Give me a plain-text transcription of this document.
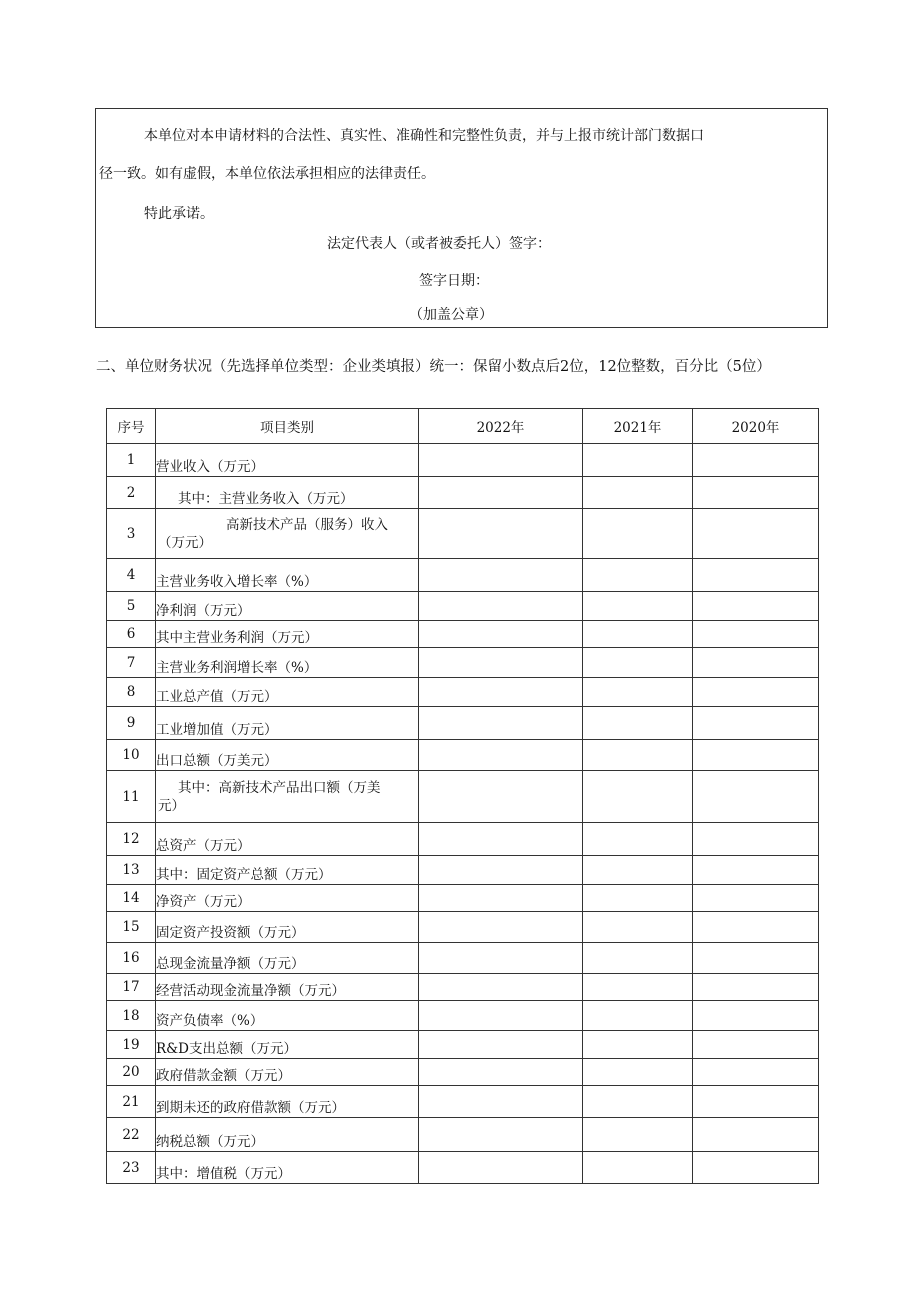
本单位对本申请材料的合法性、真实性、准确性和完整性负责，并与上报市统计部门数据口
径一致。如有虚假，本单位依法承担相应的法律责任。
特此承诺。
法定代表人（或者被委托人）签字：
签字日期：
（加盖公章）
二、单位财务状况（先选择单位类型：企业类填报）统一：保留小数点后2位，12位整数，百分比（5位）
序号	项目类别	2022年	2021年	2020年
1	营业收入（万元）			
2	其中：主营业务收入（万元）			
3	高新技术产品（服务）收入
（万元）			
4	主营业务收入增长率（%）			
5	净利润（万元）			
6	其中主营业务利润（万元）			
7	主营业务利润增长率（%）			
8	工业总产值（万元）			
9	工业增加值（万元）			
10	出口总额（万美元）			
11	其中：高新技术产品出口额（万美
元）			

12	总资产（万元）			
13	其中：固定资产总额（万元）			
14	净资产（万元）			
15	固定资产投资额（万元）			
16	总现金流量净额（万元）			
17	经营活动现金流量净额（万元）			
18	资产负债率（%）			
19	R&D支出总额（万元）			
20	政府借款金额（万元）			
21	到期未还的政府借款额（万元）			
22	纳税总额（万元）			
23	其中：增值税（万元）			
